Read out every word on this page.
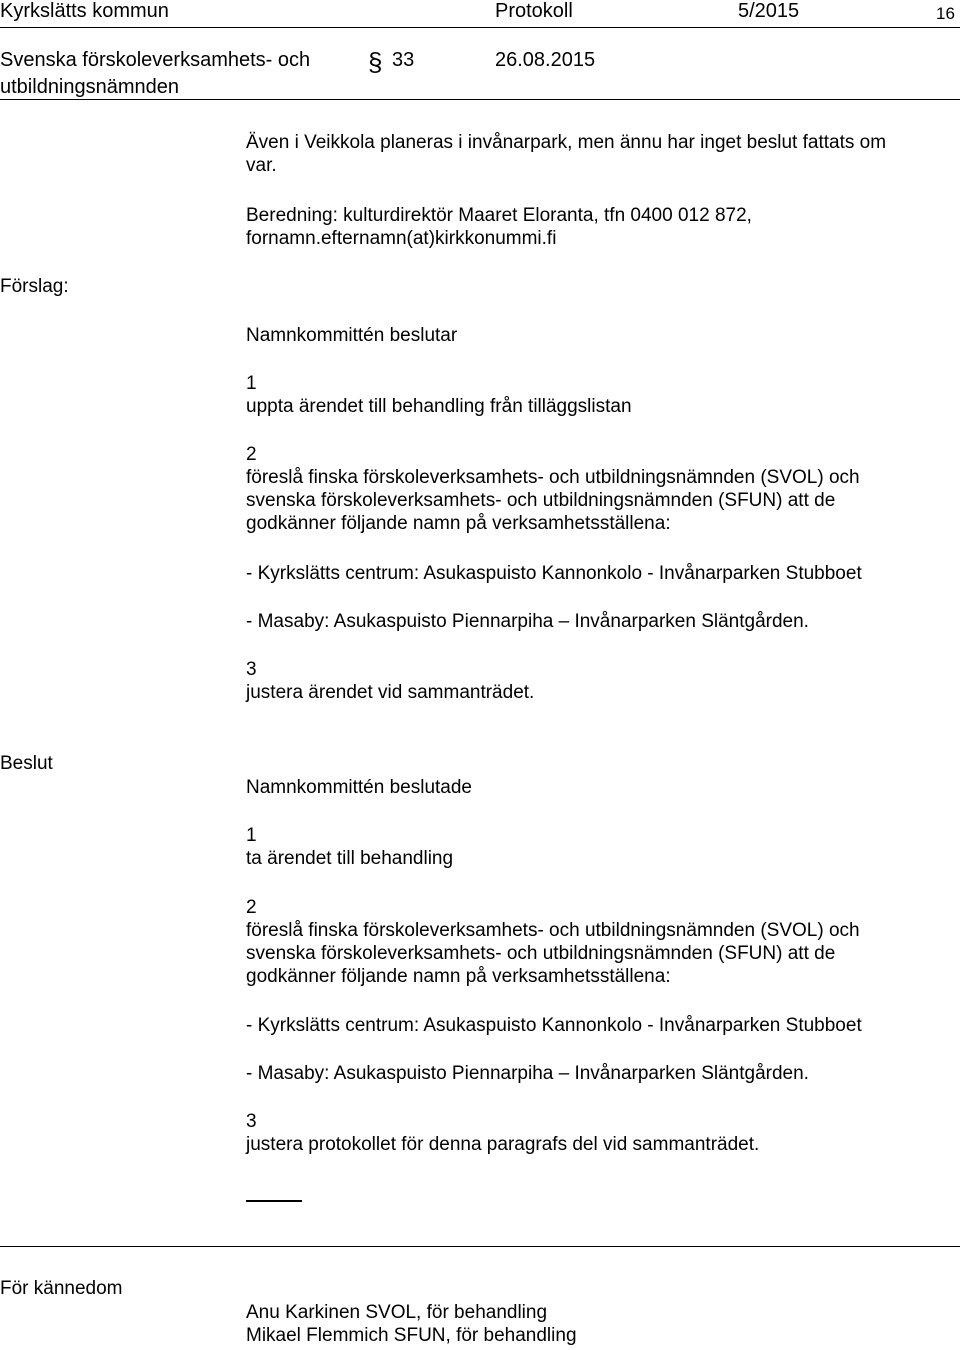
Kyrkslätts kommun	Protokoll	5/2015	16
Svenska förskoleverksamhets- och
utbildningsnämnden
§ 33	26.08.2015
Även i Veikkola planeras i invånarpark, men ännu har inget beslut fattats om
var.
Beredning: kulturdirektör Maaret Eloranta, tfn 0400 012 872,
fornamn.efternamn(at)kirkkonummi.fi
Förslag:
Namnkommittén beslutar
1
uppta ärendet till behandling från tilläggslistan
2
föreslå finska förskoleverksamhets- och utbildningsnämnden (SVOL) och
svenska förskoleverksamhets- och utbildningsnämnden (SFUN) att de
godkänner följande namn på verksamhetsställena:
- Kyrkslätts centrum: Asukaspuisto Kannonkolo - Invånarparken Stubboet
- Masaby: Asukaspuisto Piennarpiha – Invånarparken Släntgården.
3
justera ärendet vid sammanträdet.
Beslut
Namnkommittén beslutade
1
ta ärendet till behandling
2
föreslå finska förskoleverksamhets- och utbildningsnämnden (SVOL) och
svenska förskoleverksamhets- och utbildningsnämnden (SFUN) att de
godkänner följande namn på verksamhetsställena:
- Kyrkslätts centrum: Asukaspuisto Kannonkolo - Invånarparken Stubboet
- Masaby: Asukaspuisto Piennarpiha – Invånarparken Släntgården.
3
justera protokollet för denna paragrafs del vid sammanträdet.
För kännedom
Anu Karkinen SVOL, för behandling
Mikael Flemmich SFUN, för behandling
